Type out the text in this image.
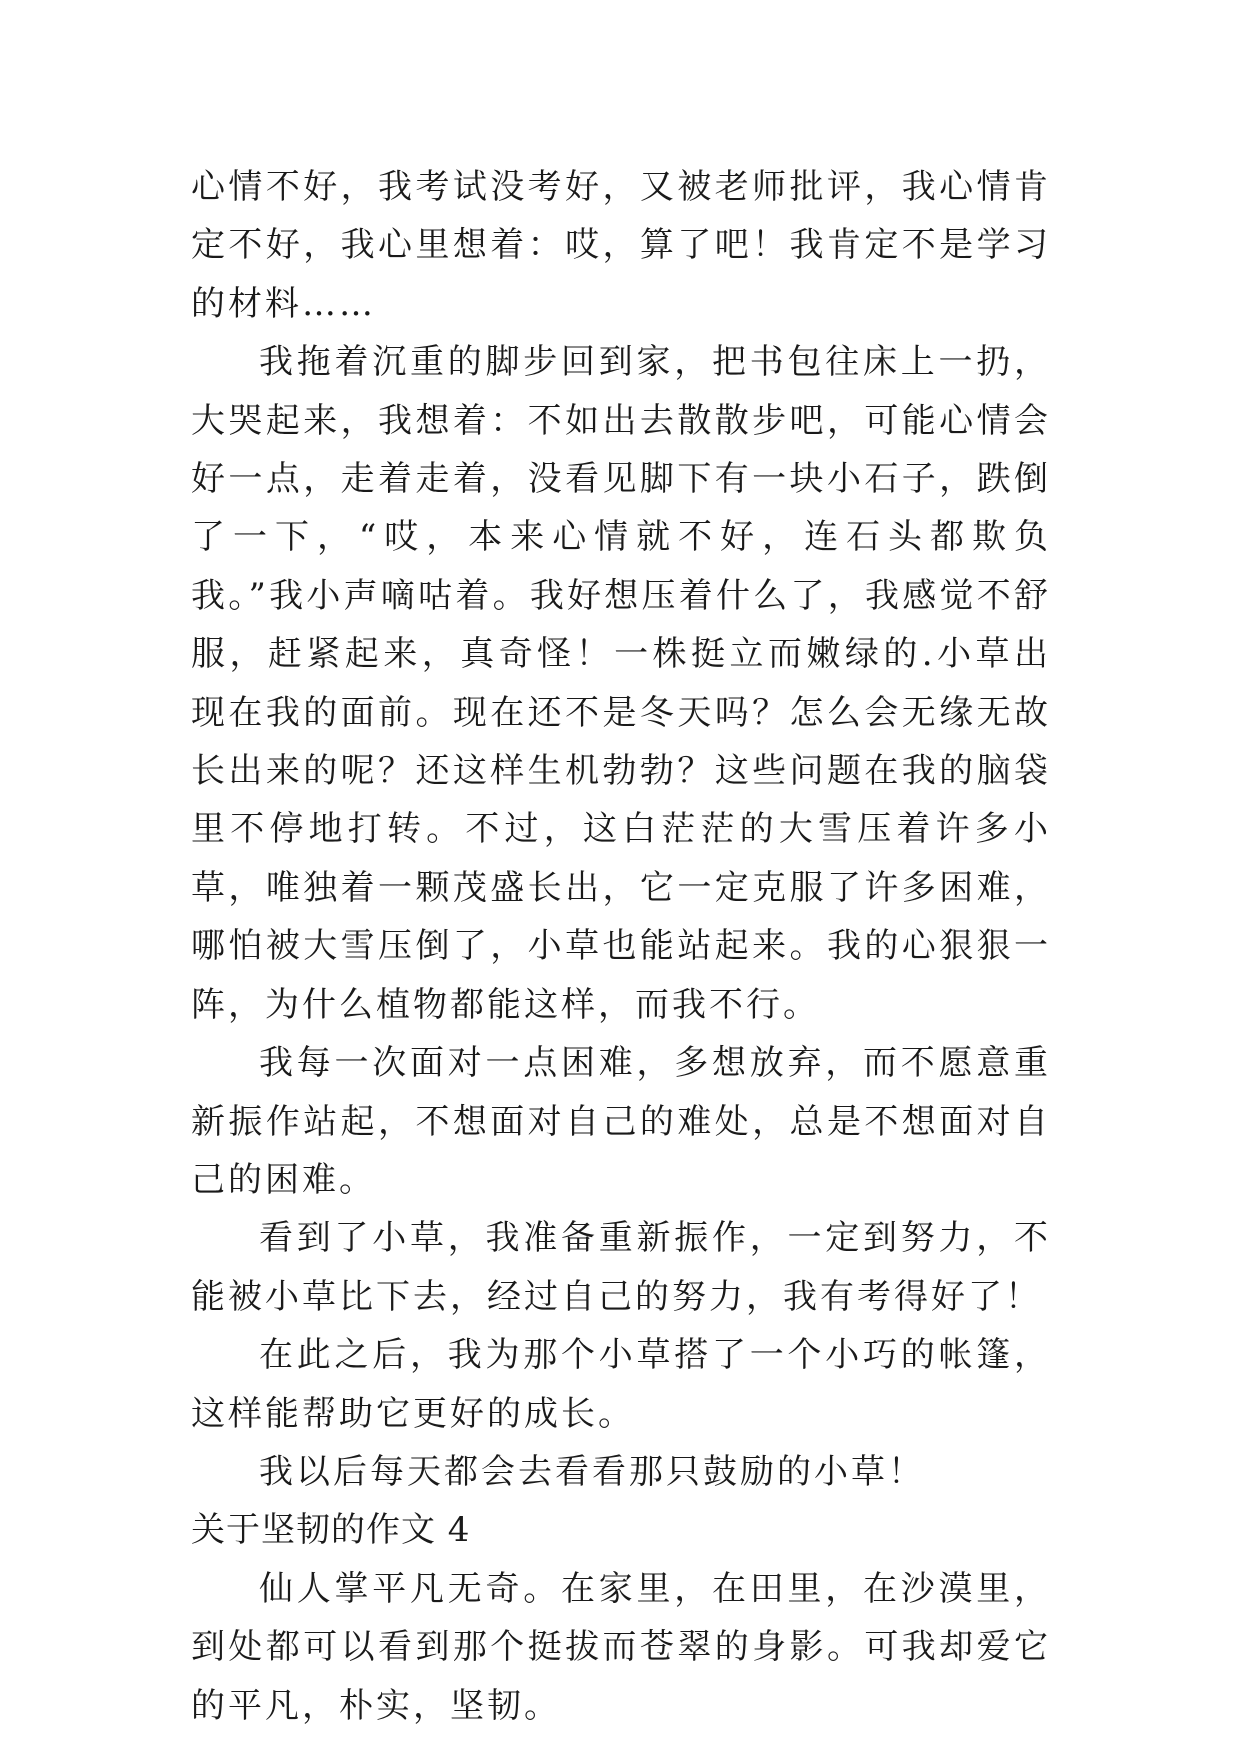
心情不好，我考试没考好，又被老师批评，我心情肯定不好，我心里想着：哎，算了吧！我肯定不是学习的材料……

我拖着沉重的脚步回到家，把书包往床上一扔，大哭起来，我想着：不如出去散散步吧，可能心情会好一点，走着走着，没看见脚下有一块小石子，跌倒了一下，“哎，本来心情就不好，连石头都欺负我。”我小声嘀咕着。我好想压着什么了，我感觉不舒服，赶紧起来，真奇怪！一株挺立而嫩绿的.小草出现在我的面前。现在还不是冬天吗？怎么会无缘无故长出来的呢？还这样生机勃勃？这些问题在我的脑袋里不停地打转。不过，这白茫茫的大雪压着许多小草，唯独着一颗茂盛长出，它一定克服了许多困难，哪怕被大雪压倒了，小草也能站起来。我的心狠狠一阵，为什么植物都能这样，而我不行。

我每一次面对一点困难，多想放弃，而不愿意重新振作站起，不想面对自己的难处，总是不想面对自己的困难。

看到了小草，我准备重新振作，一定到努力，不能被小草比下去，经过自己的努力，我有考得好了！

在此之后，我为那个小草搭了一个小巧的帐篷，这样能帮助它更好的成长。

我以后每天都会去看看那只鼓励的小草！

关于坚韧的作文 4

仙人掌平凡无奇。在家里，在田里，在沙漠里，到处都可以看到那个挺拔而苍翠的身影。可我却爱它的平凡，朴实，坚韧。
